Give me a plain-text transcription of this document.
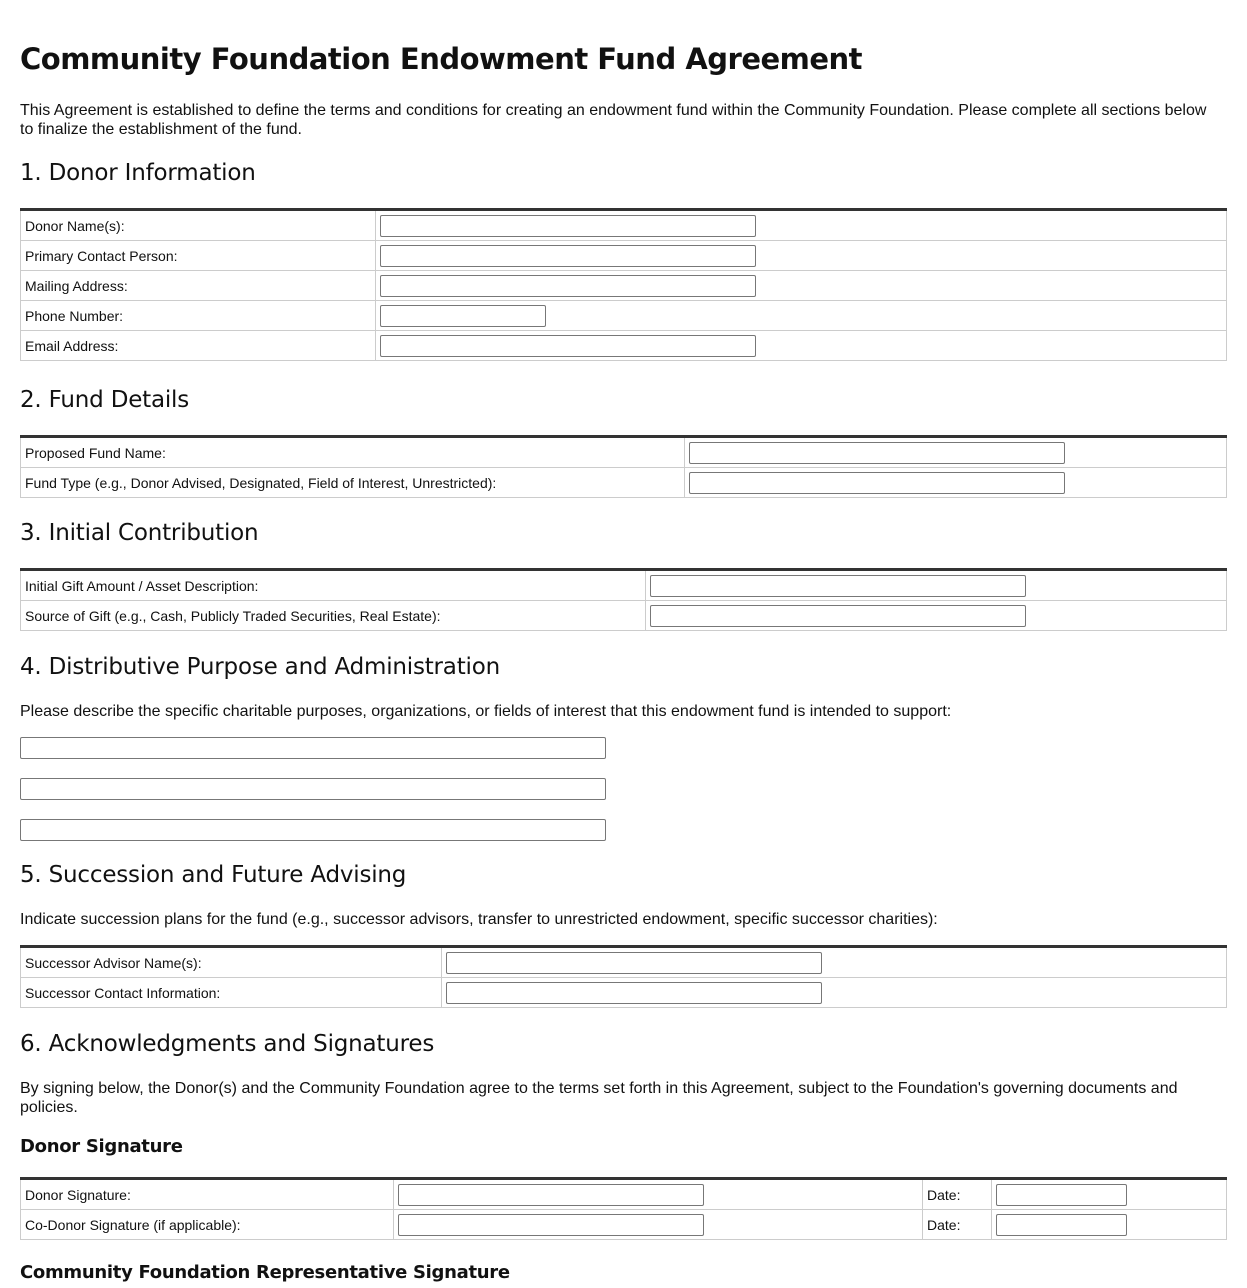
Community Foundation Endowment Fund Agreement

This Agreement is established to define the terms and conditions for creating an endowment fund within the Community Foundation. Please complete all sections below to finalize the establishment of the fund.

1. Donor Information
Donor Name(s):	
Primary Contact Person:	
Mailing Address:	
Phone Number:	
Email Address:	
2. Fund Details
Proposed Fund Name:	
Fund Type (e.g., Donor Advised, Designated, Field of Interest, Unrestricted):	
3. Initial Contribution
Initial Gift Amount / Asset Description:	
Source of Gift (e.g., Cash, Publicly Traded Securities, Real Estate):	
4. Distributive Purpose and Administration

Please describe the specific charitable purposes, organizations, or fields of interest that this endowment fund is intended to support:

5. Succession and Future Advising

Indicate succession plans for the fund (e.g., successor advisors, transfer to unrestricted endowment, specific successor charities):

Successor Advisor Name(s):	
Successor Contact Information:	
6. Acknowledgments and Signatures

By signing below, the Donor(s) and the Community Foundation agree to the terms set forth in this Agreement, subject to the Foundation's governing documents and policies.

Donor Signature
Donor Signature:		Date:	
Co-Donor Signature (if applicable):		Date:	
Community Foundation Representative Signature
